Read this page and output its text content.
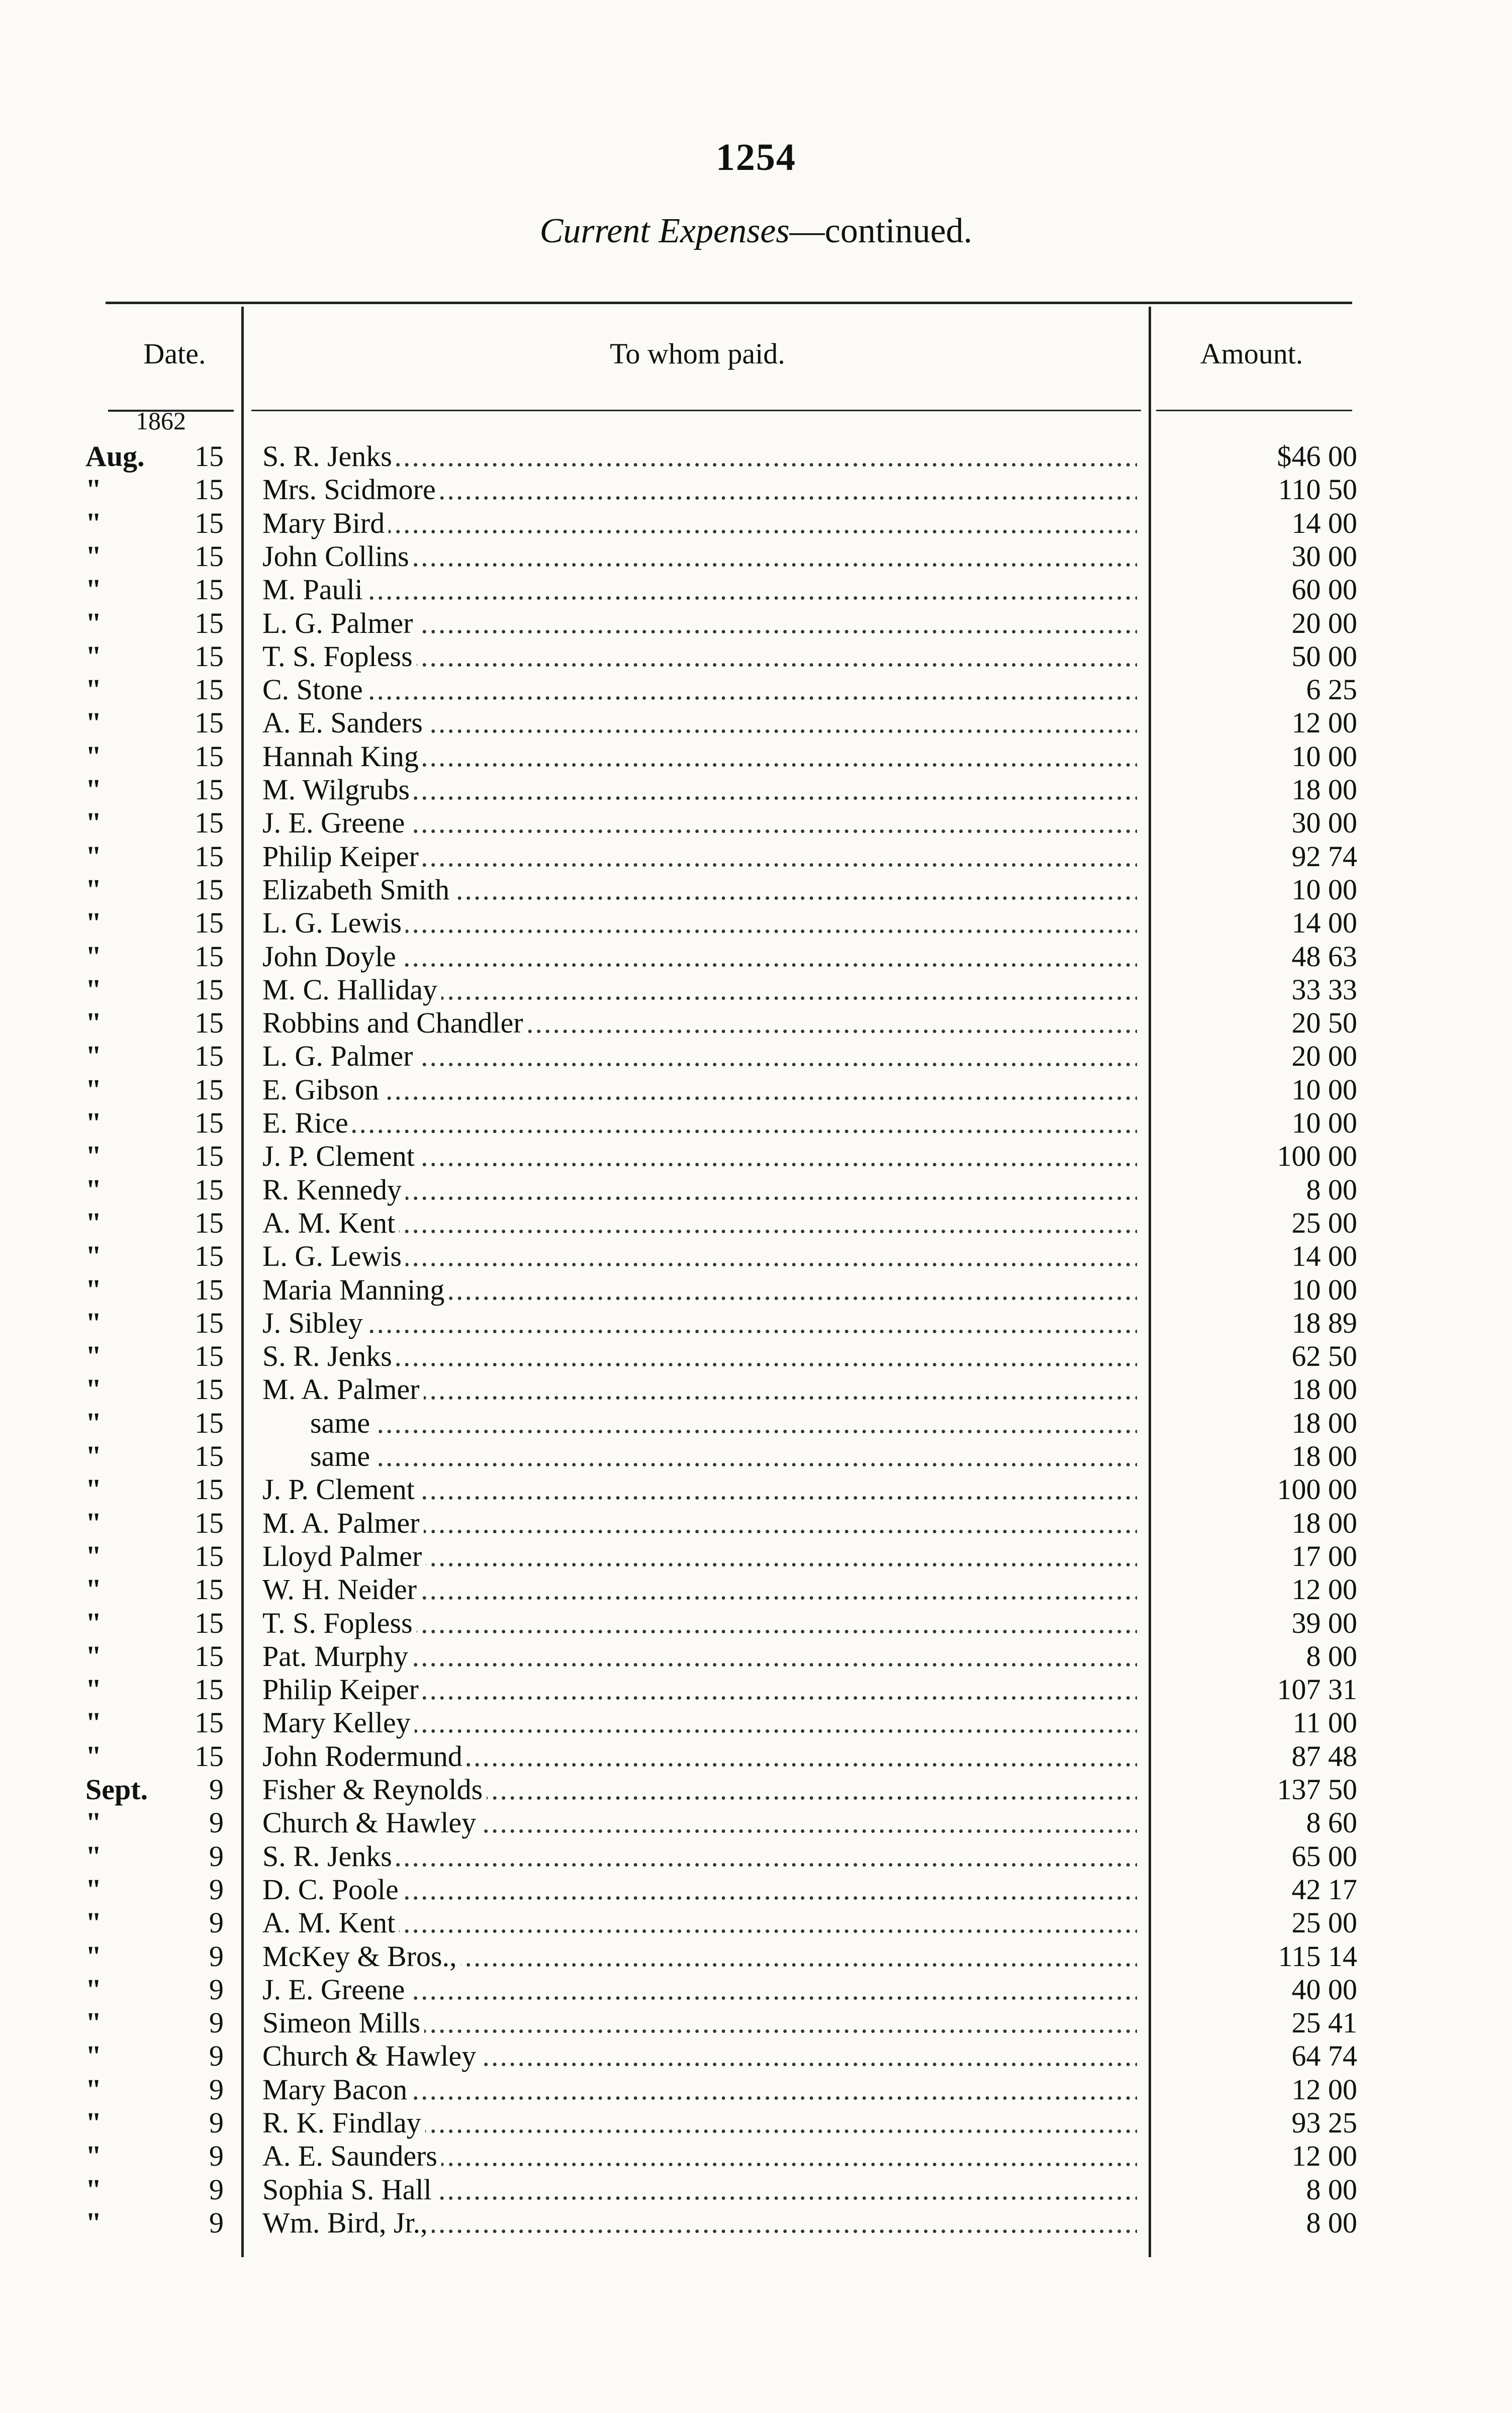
1254
Current Expenses—continued.
Date.	To whom paid.	Amount.
1862
Aug.	15 S. R. Jenks .....	$46 00
"	15 Mrs. Scidmore .....	110 50
"	15 Mary Bird .....	14 00
"	15 John Collins .....	30 00
"	15 M. Pauli .....	60 00
"	15 L. G. Palmer .....	20 00
"	15 T. S. Fopless .....	50 00
"	15 C. Stone .....	6 25
"	15 A. E. Sanders .....	12 00
"	15 Hannah King .....	10 00
"	15 M. Wilgrubs .....	18 00
"	15 J. E. Greene .....	30 00
"	15 Philip Keiper .....	92 74
"	15 Elizabeth Smith .....	10 00
"	15 L. G. Lewis .....	14 00
"	15 John Doyle .....	48 63
"	15 M. C. Halliday .....	33 33
"	15 Robbins and Chandler .....	20 50
"	15 L. G. Palmer .....	20 00
"	15 E. Gibson .....	10 00
"	15 E. Rice .....	10 00
"	15 J. P. Clement .....	100 00
"	15 R. Kennedy .....	8 00
"	15 A. M. Kent .....	25 00
"	15 L. G. Lewis .....	14 00
"	15 Maria Manning .....	10 00
"	15 J. Sibley .....	18 89
"	15 S. R. Jenks .....	62 50
"	15 M. A. Palmer .....	18 00
"	15	same .....	18 00
"	15	same .....	18 00
"	15 J. P. Clement .....	100 00
"	15 M. A. Palmer .....	18 00
"	15 Lloyd Palmer .....	17 00
"	15 W. H. Neider .....	12 00
"	15 T. S. Fopless .....	39 00
"	15 Pat. Murphy .....	8 00
"	15 Philip Keiper .....	107 31
"	15 Mary Kelley .....	11 00
"	15 John Rodermund .....	87 48
Sept.	9 Fisher & Reynolds .....	137 50
"	9 Church & Hawley .....	8 60
"	9 S. R. Jenks .....	65 00
"	9 D. C. Poole .....	42 17
"	9 A. M. Kent .....	25 00
"	9 McKey & Bros., .....	115 14
"	9 J. E. Greene .....	40 00
"	9 Simeon Mills .....	25 41
"	9 Church & Hawley .....	64 74
"	9 Mary Bacon .....	12 00
"	9 R. K. Findlay .....	93 25
"	9 A. E. Saunders .....	12 00
"	9 Sophia S. Hall .....	8 00
"	9 Wm. Bird, Jr., .....	8 00
